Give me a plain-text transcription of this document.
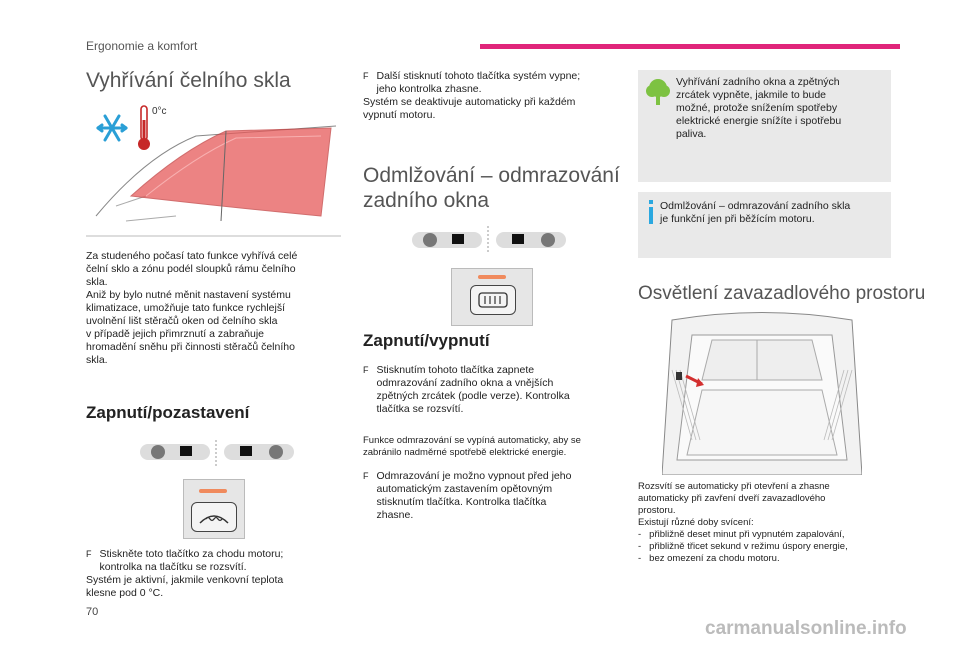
Ergonomie a komfort
Vyhřívání čelního skla
0°c
Za studeného počasí tato funkce vyhřívá celé
čelní sklo a zónu podél sloupků rámu čelního
skla.
Aniž by bylo nutné měnit nastavení systému
klimatizace, umožňuje tato funkce rychlejší
uvolnění lišt stěračů oken od čelního skla
v případě jejich přimrznutí a zabraňuje
hromadění sněhu při činnosti stěračů čelního
skla.
Zapnutí/pozastavení
F Stiskněte toto tlačítko za chodu motoru;
kontrolka na tlačítku se rozsvítí.
Systém je aktivní, jakmile venkovní teplota
klesne pod 0 °C.
F Další stisknutí tohoto tlačítka systém vypne;
jeho kontrolka zhasne.
Systém se deaktivuje automaticky při každém
vypnutí motoru.
Odmlžování – odmrazování
zadního okna
Zapnutí/vypnutí
F Stisknutím tohoto tlačítka zapnete
odmrazování zadního okna a vnějších
zpětných zrcátek (podle verze). Kontrolka
tlačítka se rozsvítí.
Funkce odmrazování se vypíná automaticky, aby se
zabránilo nadměrné spotřebě elektrické energie.
F Odmrazování je možno vypnout před jeho
automatickým zastavením opětovným
stisknutím tlačítka. Kontrolka tlačítka
zhasne.
Vyhřívání zadního okna a zpětných
zrcátek vypněte, jakmile to bude
možné, protože snížením spotřeby
elektrické energie snížíte i spotřebu
paliva.
Odmlžování – odmrazování zadního skla
je funkční jen při běžícím motoru.
Osvětlení zavazadlového prostoru
Rozsvítí se automaticky při otevření a zhasne
automaticky při zavření dveří zavazadlového
prostoru.
Existují různé doby svícení:
- přibližně deset minut při vypnutém zapalování,
- přibližně třicet sekund v režimu úspory energie,
- bez omezení za chodu motoru.
70
carmanualsonline.info
